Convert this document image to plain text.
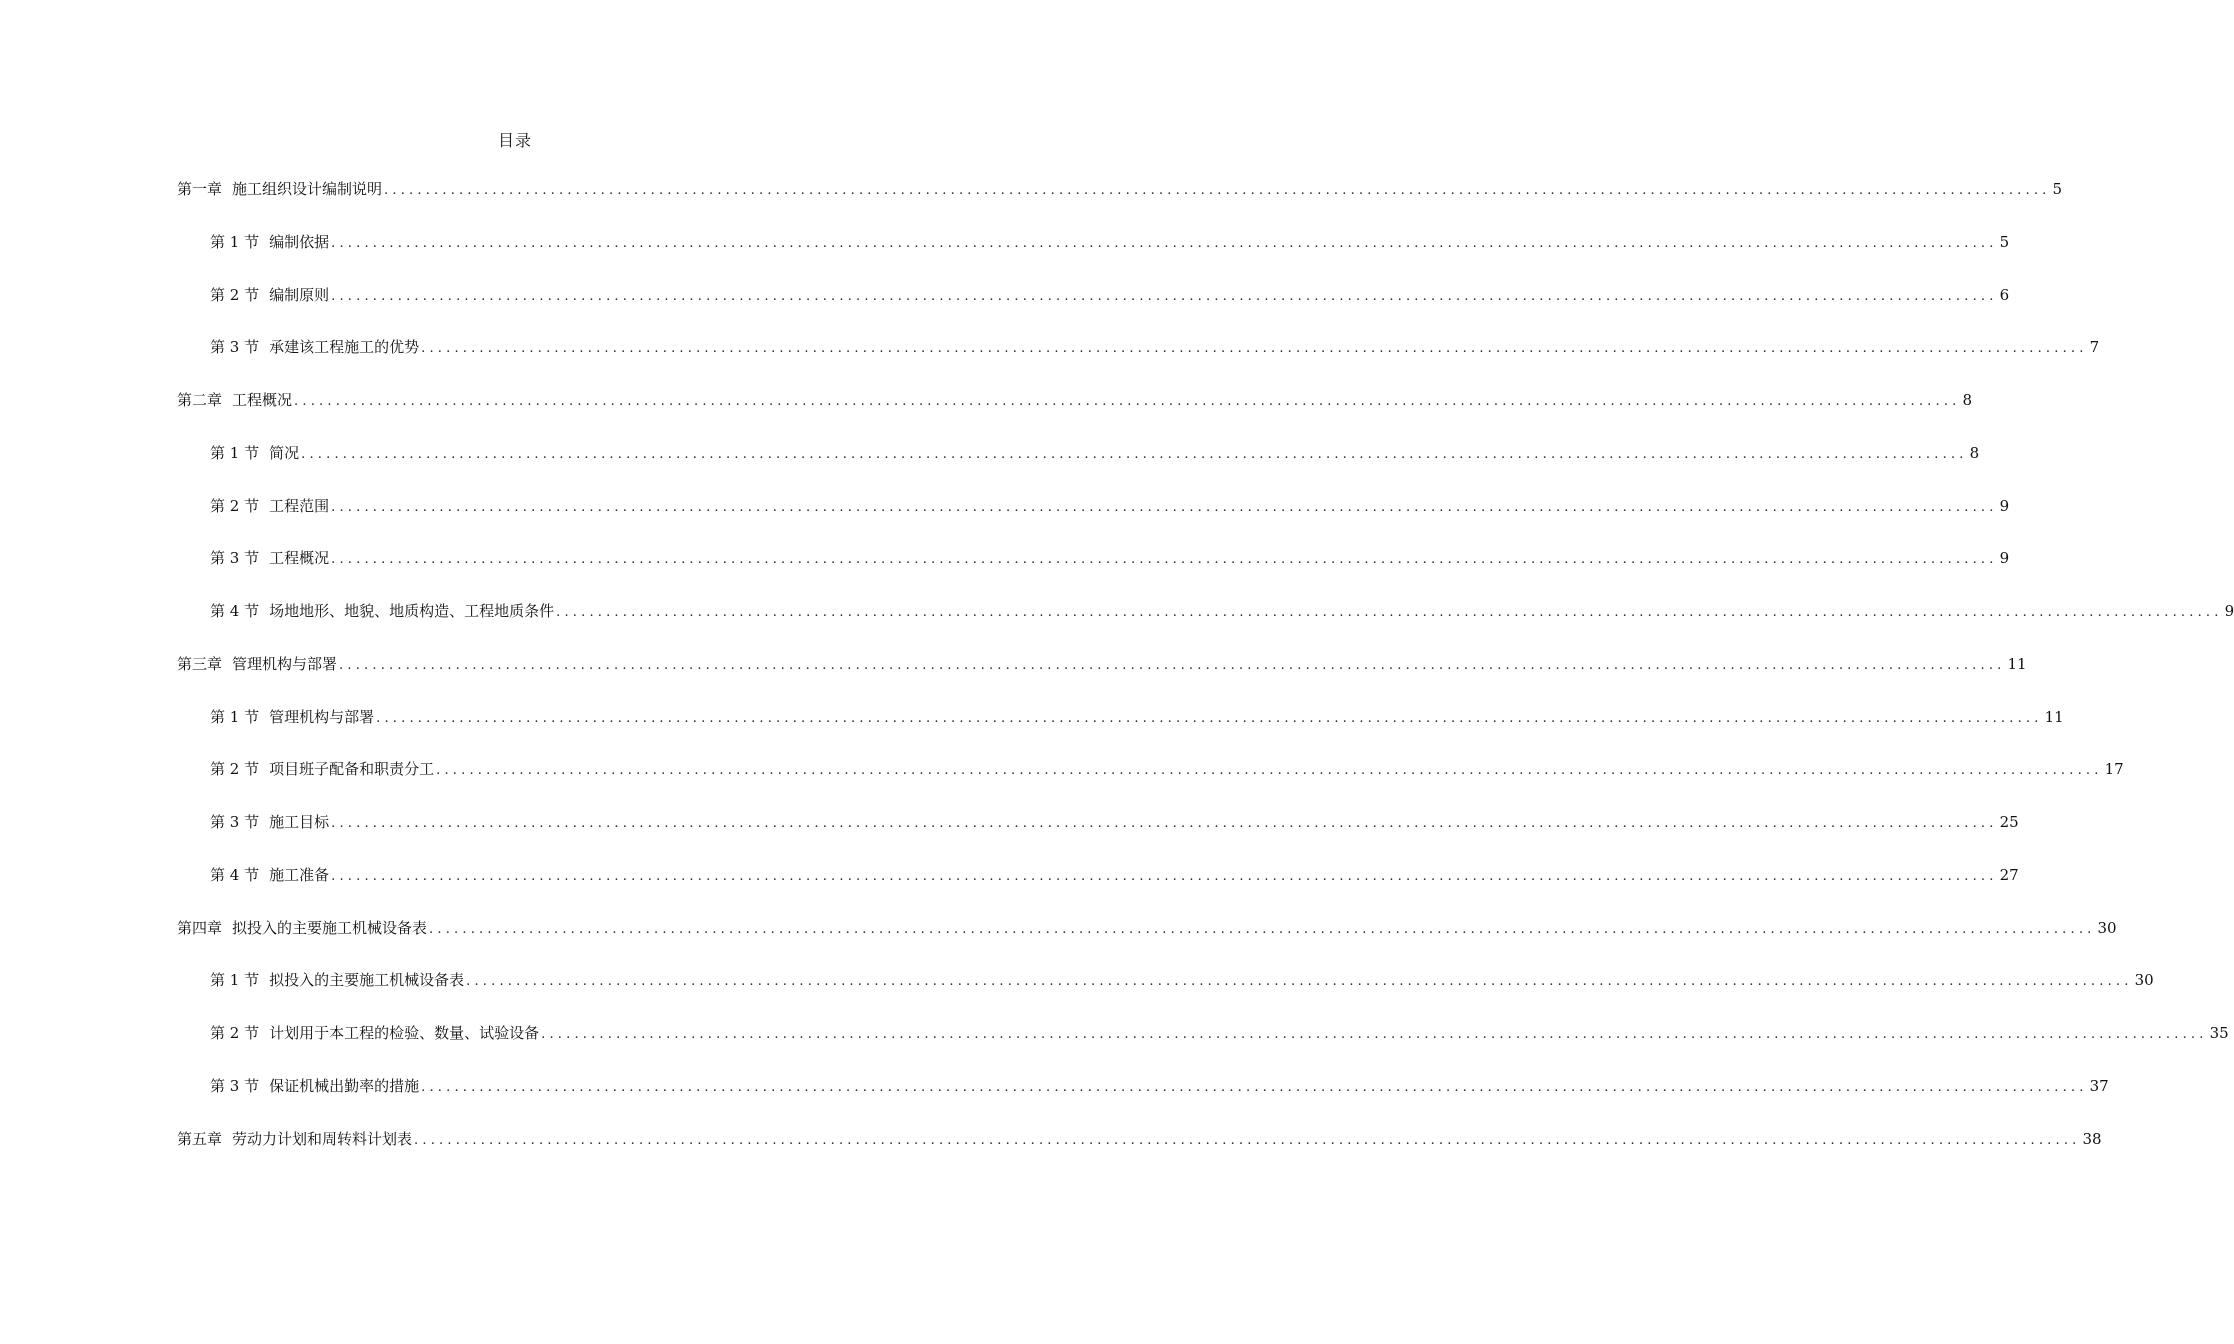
目录
第一章 施工组织设计编制说明 ........................................................................................................................................................................................................ 5
第 1 节 编制依据 ........................................................................................................................................................................................................ 5
第 2 节 编制原则 ........................................................................................................................................................................................................ 6
第 3 节 承建该工程施工的优势 ........................................................................................................................................................................................................ 7
第二章 工程概况 ........................................................................................................................................................................................................ 8
第 1 节 简况 ........................................................................................................................................................................................................ 8
第 2 节 工程范围 ........................................................................................................................................................................................................ 9
第 3 节 工程概况 ........................................................................................................................................................................................................ 9
第 4 节 场地地形、地貌、地质构造、工程地质条件 ........................................................................................................................................................................................................ 9
第三章 管理机构与部署 ........................................................................................................................................................................................................ 11
第 1 节 管理机构与部署 ........................................................................................................................................................................................................ 11
第 2 节 项目班子配备和职责分工 ........................................................................................................................................................................................................ 17
第 3 节 施工目标 ........................................................................................................................................................................................................ 25
第 4 节 施工准备 ........................................................................................................................................................................................................ 27
第四章 拟投入的主要施工机械设备表 ........................................................................................................................................................................................................ 30
第 1 节 拟投入的主要施工机械设备表 ........................................................................................................................................................................................................ 30
第 2 节 计划用于本工程的检验、数量、试验设备 ........................................................................................................................................................................................................ 35
第 3 节 保证机械出勤率的措施 ........................................................................................................................................................................................................ 37
第五章 劳动力计划和周转料计划表 ........................................................................................................................................................................................................ 38
